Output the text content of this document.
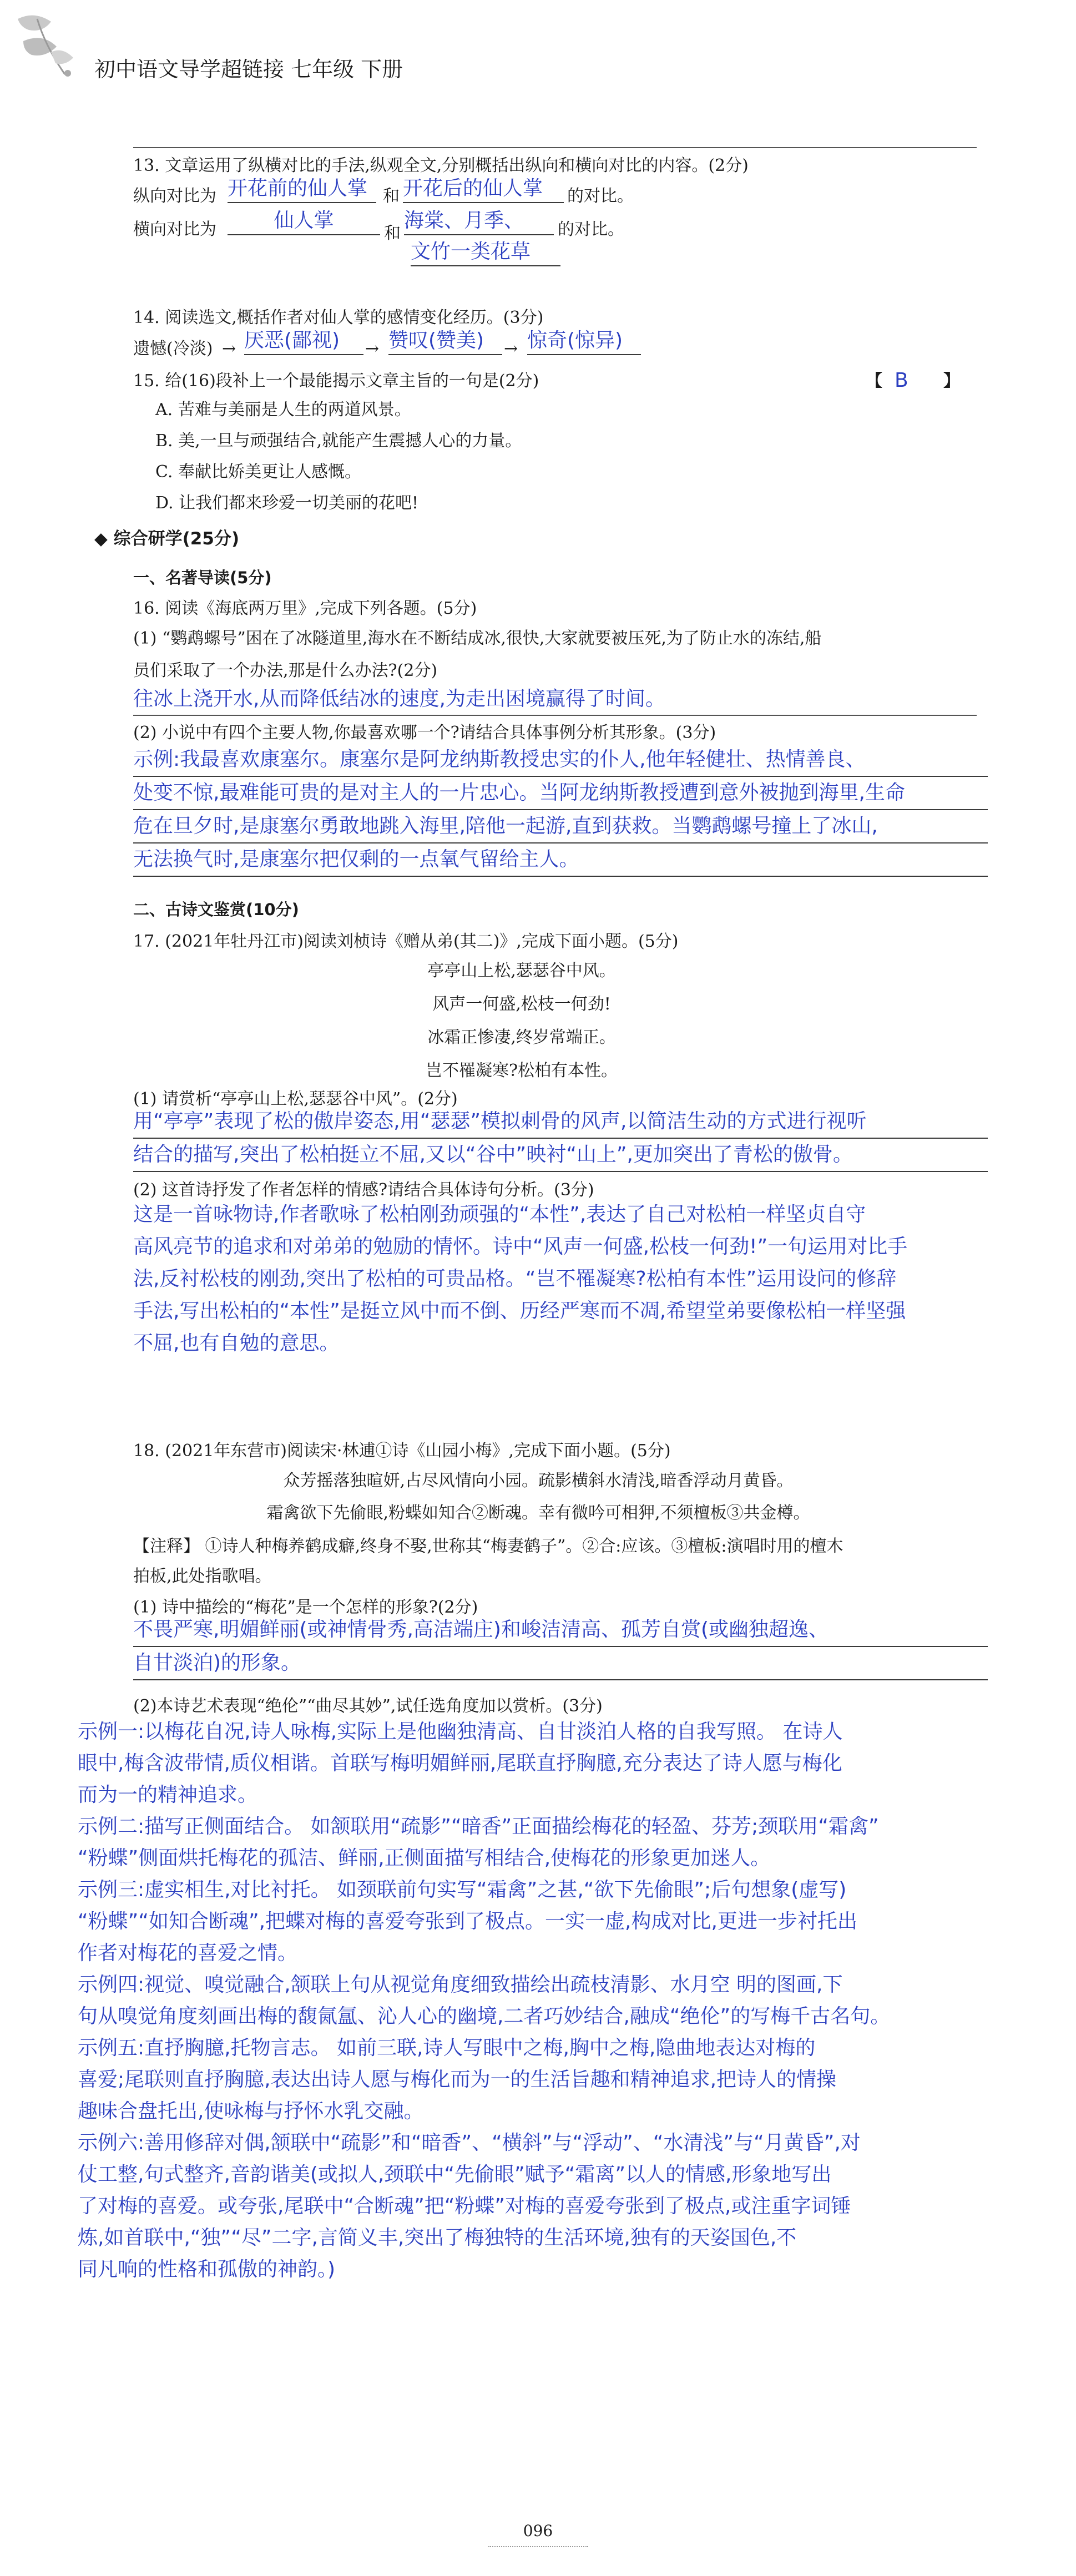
初中语文导学超链接 七年级 下册
13. 文章运用了纵横对比的手法,纵观全文,分别概括出纵向和横向对比的内容。(2分)
纵向对比为 开花前的仙人掌 和 开花后的仙人掌	的对比。
横向对比为	仙人掌
和
海棠、月季、
文竹一类花草
的对比。
14. 阅读选文,概括作者对仙人掌的感情变化经历。(3分)
遗憾(冷淡) → 厌恶(鄙视)	→ 赞叹(赞美)	→ 惊奇(惊异)
15. 给(16)段补上一个最能揭示文章主旨的一句是(2分)	【 B 】
A. 苦难与美丽是人生的两道风景。
B. 美,一旦与顽强结合,就能产生震撼人心的力量。
C. 奉献比娇美更让人感慨。
D. 让我们都来珍爱一切美丽的花吧!
◆ 综合研学(25分)
一、名著导读(5分)
16. 阅读《海底两万里》,完成下列各题。(5分)
(1) “鹦鹉螺号”困在了冰隧道里,海水在不断结成冰,很快,大家就要被压死,为了防止水的冻结,船
员们采取了一个办法,那是什么办法?(2分)
往冰上浇开水,从而降低结冰的速度,为走出困境赢得了时间。
(2) 小说中有四个主要人物,你最喜欢哪一个?请结合具体事例分析其形象。(3分)
示例:我最喜欢康塞尔。康塞尔是阿龙纳斯教授忠实的仆人,他年轻健壮、热情善良、
处变不惊,最难能可贵的是对主人的一片忠心。当阿龙纳斯教授遭到意外被抛到海里,生命
危在旦夕时,是康塞尔勇敢地跳入海里,陪他一起游,直到获救。当鹦鹉螺号撞上了冰山,
无法换气时,是康塞尔把仅剩的一点氧气留给主人。
二、古诗文鉴赏(10分)
17. (2021年牡丹江市)阅读刘桢诗《赠从弟(其二)》,完成下面小题。(5分)
亭亭山上松,瑟瑟谷中风。
风声一何盛,松枝一何劲!
冰霜正惨凄,终岁常端正。
岂不罹凝寒?松柏有本性。
(1) 请赏析“亭亭山上松,瑟瑟谷中风”。(2分)
用“亭亭”表现了松的傲岸姿态,用“瑟瑟”模拟刺骨的风声,以简洁生动的方式进行视听
结合的描写,突出了松柏挺立不屈,又以“谷中”映衬“山上”,更加突出了青松的傲骨。
(2) 这首诗抒发了作者怎样的情感?请结合具体诗句分析。(3分)
这是一首咏物诗,作者歌咏了松柏刚劲顽强的“本性”,表达了自己对松柏一样坚贞自守
高风亮节的追求和对弟弟的勉励的情怀。诗中“风声一何盛,松枝一何劲!”一句运用对比手
法,反衬松枝的刚劲,突出了松柏的可贵品格。“岂不罹凝寒?松柏有本性”运用设问的修辞
手法,写出松柏的“本性”是挺立风中而不倒、历经严寒而不凋,希望堂弟要像松柏一样坚强
不屈,也有自勉的意思。
18. (2021年东营市)阅读宋·林逋①诗《山园小梅》,完成下面小题。(5分)
众芳摇落独暄妍,占尽风情向小园。疏影横斜水清浅,暗香浮动月黄昏。
霜禽欲下先偷眼,粉蝶如知合②断魂。幸有微吟可相狎,不须檀板③共金樽。
【注释】 ①诗人种梅养鹤成癖,终身不娶,世称其“梅妻鹤子”。②合:应该。③檀板:演唱时用的檀木
拍板,此处指歌唱。
(1) 诗中描绘的“梅花”是一个怎样的形象?(2分)
不畏严寒,明媚鲜丽(或神情骨秀,高洁端庄)和峻洁清高、孤芳自赏(或幽独超逸、
自甘淡泊)的形象。
(2)本诗艺术表现“绝伦”“曲尽其妙”,试任选角度加以赏析。(3分)
示例一:以梅花自况,诗人咏梅,实际上是他幽独清高、自甘淡泊人格的自我写照。 在诗人
眼中,梅含波带情,质仪相谐。首联写梅明媚鲜丽,尾联直抒胸臆,充分表达了诗人愿与梅化
而为一的精神追求。
示例二:描写正侧面结合。 如颔联用“疏影”“暗香”正面描绘梅花的轻盈、芬芳;颈联用“霜禽”
“粉蝶”侧面烘托梅花的孤洁、鲜丽,正侧面描写相结合,使梅花的形象更加迷人。
示例三:虚实相生,对比衬托。 如颈联前句实写“霜禽”之甚,“欲下先偷眼”;后句想象(虚写)
“粉蝶”“如知合断魂”,把蝶对梅的喜爱夸张到了极点。一实一虚,构成对比,更进一步衬托出
作者对梅花的喜爱之情。
示例四:视觉、嗅觉融合,颔联上句从视觉角度细致描绘出疏枝清影、水月空 明的图画,下
句从嗅觉角度刻画出梅的馥氤氲、沁人心的幽境,二者巧妙结合,融成“绝伦”的写梅千古名句。
示例五:直抒胸臆,托物言志。 如前三联,诗人写眼中之梅,胸中之梅,隐曲地表达对梅的
喜爱;尾联则直抒胸臆,表达出诗人愿与梅化而为一的生活旨趣和精神追求,把诗人的情操
趣味合盘托出,使咏梅与抒怀水乳交融。
示例六:善用修辞对偶,颔联中“疏影”和“暗香”、“横斜”与“浮动”、“水清浅”与“月黄昏”,对
仗工整,句式整齐,音韵谐美(或拟人,颈联中“先偷眼”赋予“霜离”以人的情感,形象地写出
了对梅的喜爱。或夸张,尾联中“合断魂”把“粉蝶”对梅的喜爱夸张到了极点,或注重字词锤
炼,如首联中,“独”“尽”二字,言简义丰,突出了梅独特的生活环境,独有的天姿国色,不
同凡响的性格和孤傲的神韵。)
096
